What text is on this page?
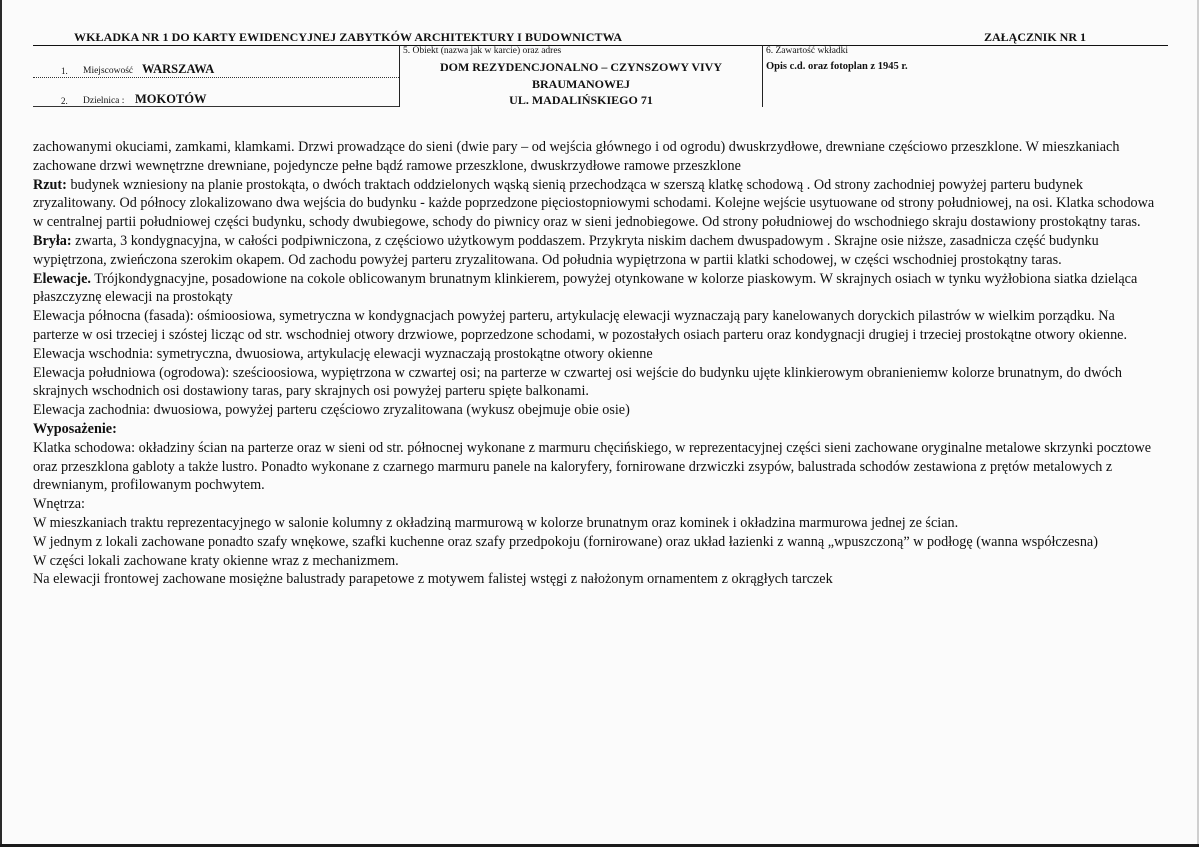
WKŁADKA NR 1 DO KARTY EWIDENCYJNEJ ZABYTKÓW ARCHITEKTURY I BUDOWNICTWA	ZAŁĄCZNIK NR 1
1. Miejscowość WARSZAWA
2. Dzielnica : MOKOTÓW
5. Obiekt (nazwa jak w karcie) oraz adres
DOM REZYDENCJONALNO – CZYNSZOWY VIVY
BRAUMANOWEJ
UL. MADALIŃSKIEGO 71
6. Zawartość wkładki
Opis c.d. oraz fotoplan z 1945 r.

zachowanymi okuciami, zamkami, klamkami. Drzwi prowadzące do sieni (dwie pary – od wejścia głównego i od ogrodu) dwuskrzydłowe, drewniane częściowo przeszklone. W mieszkaniach zachowane drzwi wewnętrzne drewniane, pojedyncze pełne bądź ramowe przeszklone, dwuskrzydłowe ramowe przeszklone

Rzut: budynek wzniesiony na planie prostokąta, o dwóch traktach oddzielonych wąską sienią przechodząca w szerszą klatkę schodową . Od strony zachodniej powyżej parteru budynek zryzalitowany. Od północy zlokalizowano dwa wejścia do budynku - każde poprzedzone pięciostopniowymi schodami. Kolejne wejście usytuowane od strony południowej, na osi. Klatka schodowa w centralnej partii południowej części budynku, schody dwubiegowe, schody do piwnicy oraz w sieni jednobiegowe. Od strony południowej do wschodniego skraju dostawiony prostokątny taras.

Bryła: zwarta, 3 kondygnacyjna, w całości podpiwniczona, z częściowo użytkowym poddaszem. Przykryta niskim dachem dwuspadowym . Skrajne osie niższe, zasadnicza część budynku wypiętrzona, zwieńczona szerokim okapem. Od zachodu powyżej parteru zryzalitowana. Od południa wypiętrzona w partii klatki schodowej, w części wschodniej prostokątny taras.

Elewacje. Trójkondygnacyjne, posadowione na cokole oblicowanym brunatnym klinkierem, powyżej otynkowane w kolorze piaskowym. W skrajnych osiach w tynku wyżłobiona siatka dzieląca płaszczyznę elewacji na prostokąty

Elewacja północna (fasada): ośmioosiowa, symetryczna w kondygnacjach powyżej parteru, artykulację elewacji wyznaczają pary kanelowanych doryckich pilastrów w wielkim porządku. Na parterze w osi trzeciej i szóstej licząc od str. wschodniej otwory drzwiowe, poprzedzone schodami, w pozostałych osiach parteru oraz kondygnacji drugiej i trzeciej prostokątne otwory okienne.

Elewacja wschodnia: symetryczna, dwuosiowa, artykulację elewacji wyznaczają prostokątne otwory okienne

Elewacja południowa (ogrodowa): sześcioosiowa, wypiętrzona w czwartej osi; na parterze w czwartej osi wejście do budynku ujęte klinkierowym obranieniemw kolorze brunatnym, do dwóch skrajnych wschodnich osi dostawiony taras, pary skrajnych osi powyżej parteru spięte balkonami.

Elewacja zachodnia: dwuosiowa, powyżej parteru częściowo zryzalitowana (wykusz obejmuje obie osie)

Wyposażenie:

Klatka schodowa: okładziny ścian na parterze oraz w sieni od str. północnej wykonane z marmuru chęcińskiego, w reprezentacyjnej części sieni zachowane oryginalne metalowe skrzynki pocztowe oraz przeszklona gabloty a także lustro. Ponadto wykonane z czarnego marmuru panele na kaloryfery, fornirowane drzwiczki zsypów, balustrada schodów zestawiona z prętów metalowych z drewnianym, profilowanym pochwytem.

Wnętrza:

W mieszkaniach traktu reprezentacyjnego w salonie kolumny z okładziną marmurową w kolorze brunatnym oraz kominek i okładzina marmurowa jednej ze ścian.

W jednym z lokali zachowane ponadto szafy wnękowe, szafki kuchenne oraz szafy przedpokoju (fornirowane) oraz układ łazienki z wanną „wpuszczoną” w podłogę (wanna współczesna)

W części lokali zachowane kraty okienne wraz z mechanizmem.

Na elewacji frontowej zachowane mosiężne balustrady parapetowe z motywem falistej wstęgi z nałożonym ornamentem z okrągłych tarczek
